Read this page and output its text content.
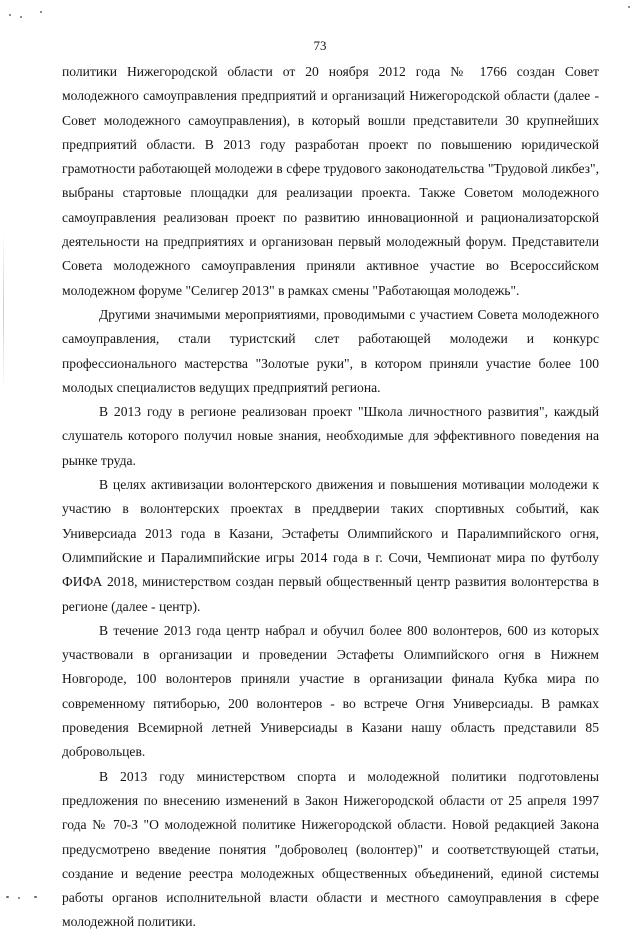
73

политики Нижегородской области от 20 ноября 2012 года № 1766 создан Совет молодежного самоуправления предприятий и организаций Нижегородской области (далее - Совет молодежного самоуправления), в который вошли представители 30 крупнейших предприятий области. В 2013 году разработан проект по повышению юридической грамотности работающей молодежи в сфере трудового законодательства "Трудовой ликбез", выбраны стартовые площадки для реализации проекта. Также Советом молодежного самоуправления реализован проект по развитию инновационной и рационализаторской деятельности на предприятиях и организован первый молодежный форум. Представители Совета молодежного самоуправления приняли активное участие во Всероссийском молодежном форуме "Селигер 2013" в рамках смены "Работающая молодежь".

Другими значимыми мероприятиями, проводимыми с участием Совета молодежного самоуправления, стали туристский слет работающей молодежи и конкурс профессионального мастерства "Золотые руки", в котором приняли участие более 100 молодых специалистов ведущих предприятий региона.

В 2013 году в регионе реализован проект "Школа личностного развития", каждый слушатель которого получил новые знания, необходимые для эффективного поведения на рынке труда.

В целях активизации волонтерского движения и повышения мотивации молодежи к участию в волонтерских проектах в преддверии таких спортивных событий, как Универсиада 2013 года в Казани, Эстафеты Олимпийского и Паралимпийского огня, Олимпийские и Паралимпийские игры 2014 года в г. Сочи, Чемпионат мира по футболу ФИФА 2018, министерством создан первый общественный центр развития волонтерства в регионе (далее - центр).

В течение 2013 года центр набрал и обучил более 800 волонтеров, 600 из которых участвовали в организации и проведении Эстафеты Олимпийского огня в Нижнем Новгороде, 100 волонтеров приняли участие в организации финала Кубка мира по современному пятиборью, 200 волонтеров - во встрече Огня Универсиады. В рамках проведения Всемирной летней Универсиады в Казани нашу область представили 85 добровольцев.

В 2013 году министерством спорта и молодежной политики подготовлены предложения по внесению изменений в Закон Нижегородской области от 25 апреля 1997 года № 70-З "О молодежной политике Нижегородской области. Новой редакцией Закона предусмотрено введение понятия "доброволец (волонтер)" и соответствующей статьи, создание и ведение реестра молодежных общественных объединений, единой системы работы органов исполнительной власти области и местного самоуправления в сфере молодежной политики.
